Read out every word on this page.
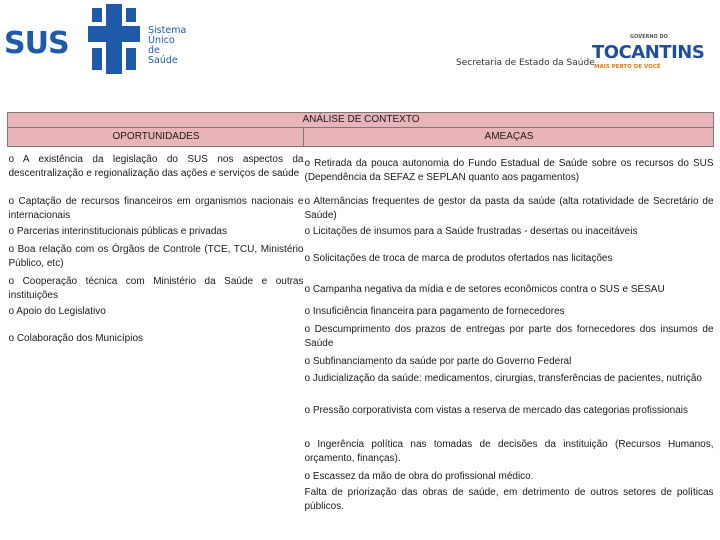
SUS	Sistema
Único
de Saúde	Secretaria de Estado da Saúde
GOVERNO DO
TOCANTINS
MAIS PERTO DE VOCÊ
ANÁLISE DE CONTEXTO	
OPORTUNIDADES	AMEAÇAS
o A existência da legislação do SUS nos aspectos da descentralização e regionalização das ações e serviços de saúde	o Retirada da pouca autonomia do Fundo Estadual de Saúde sobre os recursos do SUS (Dependência da SEFAZ e SEPLAN quanto aos pagamentos)
o Captação de recursos financeiros em organismos nacionais e internacionais	o Alternâncias frequentes de gestor da pasta da saúde (alta rotatividade de Secretário de Saúde)
o Parcerias interinstitucionais públicas e privadas	o Licitações de insumos para a Saúde frustradas - desertas ou inaceitáveis
o Boa relação com os Órgãos de Controle (TCE, TCU, Ministério Público, etc)	o Solicitações de troca de marca de produtos ofertados nas licitações
o Cooperação técnica com Ministério da Saúde e outras instituições	o Campanha negativa da mídia e de setores econômicos contra o SUS e SESAU
o Apoio do Legislativo	o Insuficiência financeira para pagamento de fornecedores
o Colaboração dos Municípios	o Descumprimento dos prazos de entregas por parte dos fornecedores dos insumos de Saúde
	o Subfinanciamento da saúde por parte do Governo Federal
	o Judicialização da saúde: medicamentos, cirurgias, transferências de pacientes, nutrição
	o Pressão corporativista com vistas a reserva de mercado das categorias profissionais
	o Ingerência política nas tomadas de decisões da instituição (Recursos Humanos, orçamento, finanças).
	o Escassez da mão de obra do profissional médico.
	Falta de priorização das obras de saúde, em detrimento de outros setores de políticas públicos.
